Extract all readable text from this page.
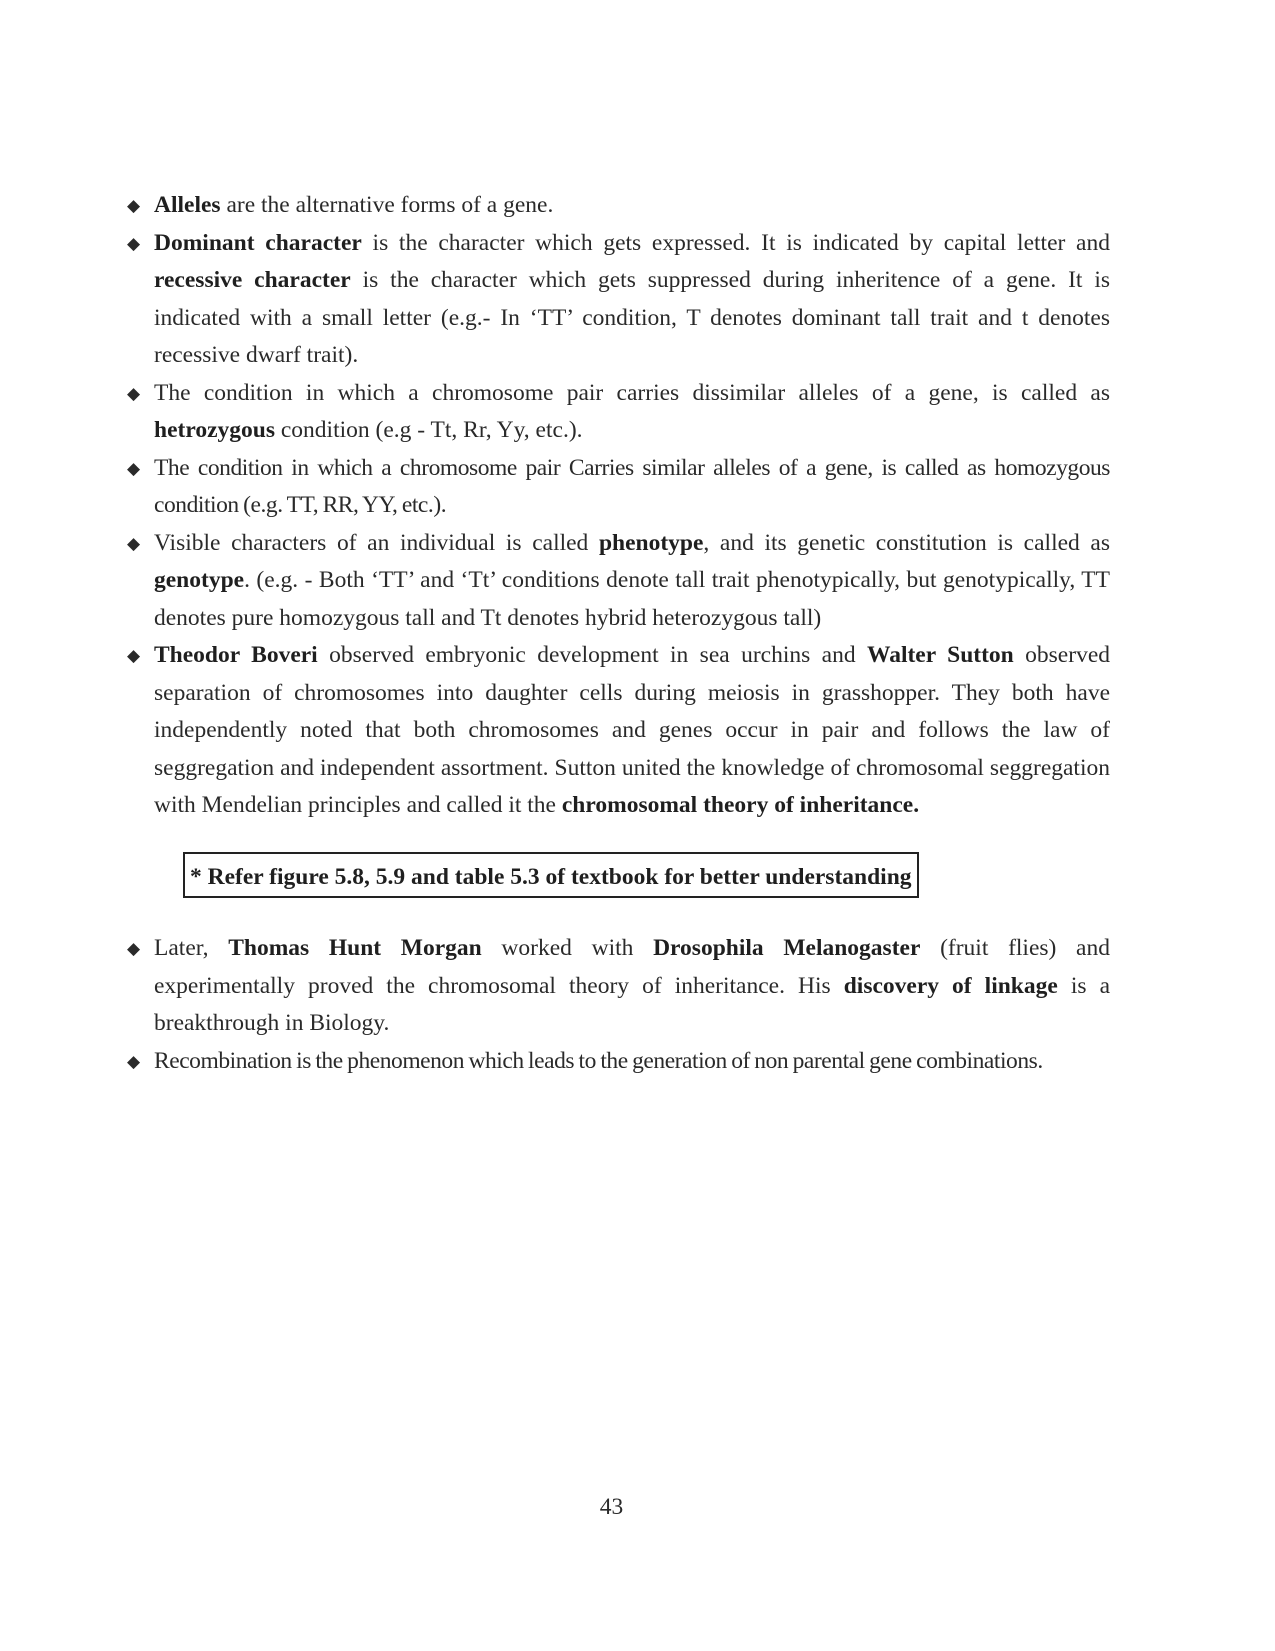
◆ Alleles are the alternative forms of a gene.
◆ Dominant character is the character which gets expressed. It is indicated by capital letter and recessive character is the character which gets suppressed during inheritence of a gene. It is indicated with a small letter (e.g.- In ‘TT’ condition, T denotes dominant tall trait and t denotes recessive dwarf trait).
◆ The condition in which a chromosome pair carries dissimilar alleles of a gene, is called as hetrozygous condition (e.g - Tt, Rr, Yy, etc.).
◆ The condition in which a chromosome pair Carries similar alleles of a gene, is called as homozygous condition (e.g. TT, RR, YY, etc.).
◆ Visible characters of an individual is called phenotype, and its genetic constitution is called as genotype. (e.g. - Both ‘TT’ and ‘Tt’ conditions denote tall trait phenotypically, but genotypically, TT denotes pure homozygous tall and Tt denotes hybrid heterozygous tall)
◆ Theodor Boveri observed embryonic development in sea urchins and Walter Sutton observed separation of chromosomes into daughter cells during meiosis in grasshopper. They both have independently noted that both chromosomes and genes occur in pair and follows the law of seggregation and independent assortment. Sutton united the knowledge of chromosomal seggregation with Mendelian principles and called it the chromosomal theory of inheritance.
* Refer figure 5.8, 5.9 and table 5.3 of textbook for better understanding
◆ Later, Thomas Hunt Morgan worked with Drosophila Melanogaster (fruit flies) and experimentally proved the chromosomal theory of inheritance. His discovery of linkage is a breakthrough in Biology.
◆ Recombination is the phenomenon which leads to the generation of non parental gene combinations.
43
